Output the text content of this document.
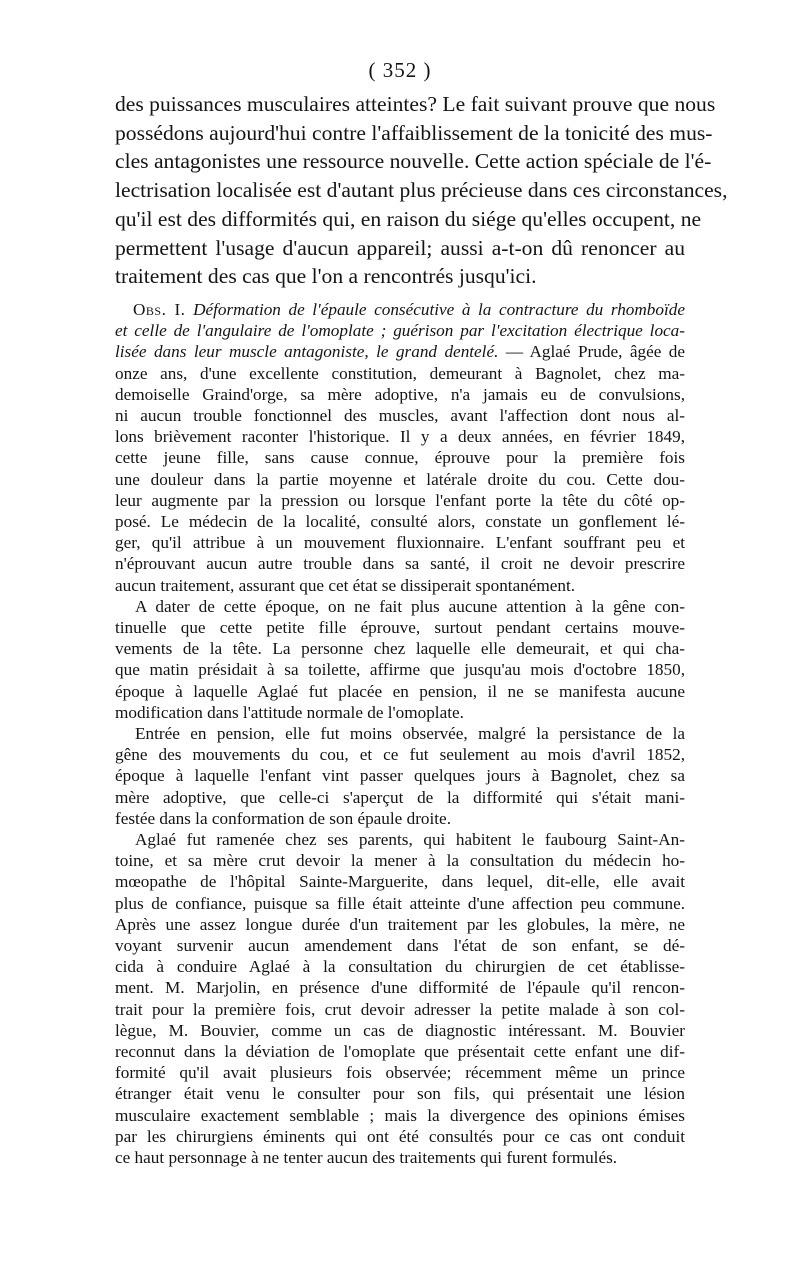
( 352 )
des puissances musculaires atteintes? Le fait suivant prouve que nous
possédons aujourd'hui contre l'affaiblissement de la tonicité des mus-
cles antagonistes une ressource nouvelle. Cette action spéciale de l'é-
lectrisation localisée est d'autant plus précieuse dans ces circonstances,
qu'il est des difformités qui, en raison du siége qu'elles occupent, ne
permettent l'usage d'aucun appareil; aussi a-t-on dû renoncer au
traitement des cas que l'on a rencontrés jusqu'ici.
Obs. I. Déformation de l'épaule consécutive à la contracture du rhomboïde
et celle de l'angulaire de l'omoplate ; guérison par l'excitation électrique loca-
lisée dans leur muscle antagoniste, le grand dentelé. — Aglaé Prude, âgée de
onze ans, d'une excellente constitution, demeurant à Bagnolet, chez ma-
demoiselle Graind'orge, sa mère adoptive, n'a jamais eu de convulsions,
ni aucun trouble fonctionnel des muscles, avant l'affection dont nous al-
lons brièvement raconter l'historique. Il y a deux années, en février 1849,
cette jeune fille, sans cause connue, éprouve pour la première fois
une douleur dans la partie moyenne et latérale droite du cou. Cette dou-
leur augmente par la pression ou lorsque l'enfant porte la tête du côté op-
posé. Le médecin de la localité, consulté alors, constate un gonflement lé-
ger, qu'il attribue à un mouvement fluxionnaire. L'enfant souffrant peu et
n'éprouvant aucun autre trouble dans sa santé, il croit ne devoir prescrire
aucun traitement, assurant que cet état se dissiperait spontanément.
A dater de cette époque, on ne fait plus aucune attention à la gêne con-
tinuelle que cette petite fille éprouve, surtout pendant certains mouve-
vements de la tête. La personne chez laquelle elle demeurait, et qui cha-
que matin présidait à sa toilette, affirme que jusqu'au mois d'octobre 1850,
époque à laquelle Aglaé fut placée en pension, il ne se manifesta aucune
modification dans l'attitude normale de l'omoplate.
Entrée en pension, elle fut moins observée, malgré la persistance de la
gêne des mouvements du cou, et ce fut seulement au mois d'avril 1852,
époque à laquelle l'enfant vint passer quelques jours à Bagnolet, chez sa
mère adoptive, que celle-ci s'aperçut de la difformité qui s'était mani-
festée dans la conformation de son épaule droite.
Aglaé fut ramenée chez ses parents, qui habitent le faubourg Saint-An-
toine, et sa mère crut devoir la mener à la consultation du médecin ho-
mœopathe de l'hôpital Sainte-Marguerite, dans lequel, dit-elle, elle avait
plus de confiance, puisque sa fille était atteinte d'une affection peu commune.
Après une assez longue durée d'un traitement par les globules, la mère, ne
voyant survenir aucun amendement dans l'état de son enfant, se dé-
cida à conduire Aglaé à la consultation du chirurgien de cet établisse-
ment. M. Marjolin, en présence d'une difformité de l'épaule qu'il rencon-
trait pour la première fois, crut devoir adresser la petite malade à son col-
lègue, M. Bouvier, comme un cas de diagnostic intéressant. M. Bouvier
reconnut dans la déviation de l'omoplate que présentait cette enfant une dif-
formité qu'il avait plusieurs fois observée; récemment même un prince
étranger était venu le consulter pour son fils, qui présentait une lésion
musculaire exactement semblable ; mais la divergence des opinions émises
par les chirurgiens éminents qui ont été consultés pour ce cas ont conduit
ce haut personnage à ne tenter aucun des traitements qui furent formulés.
